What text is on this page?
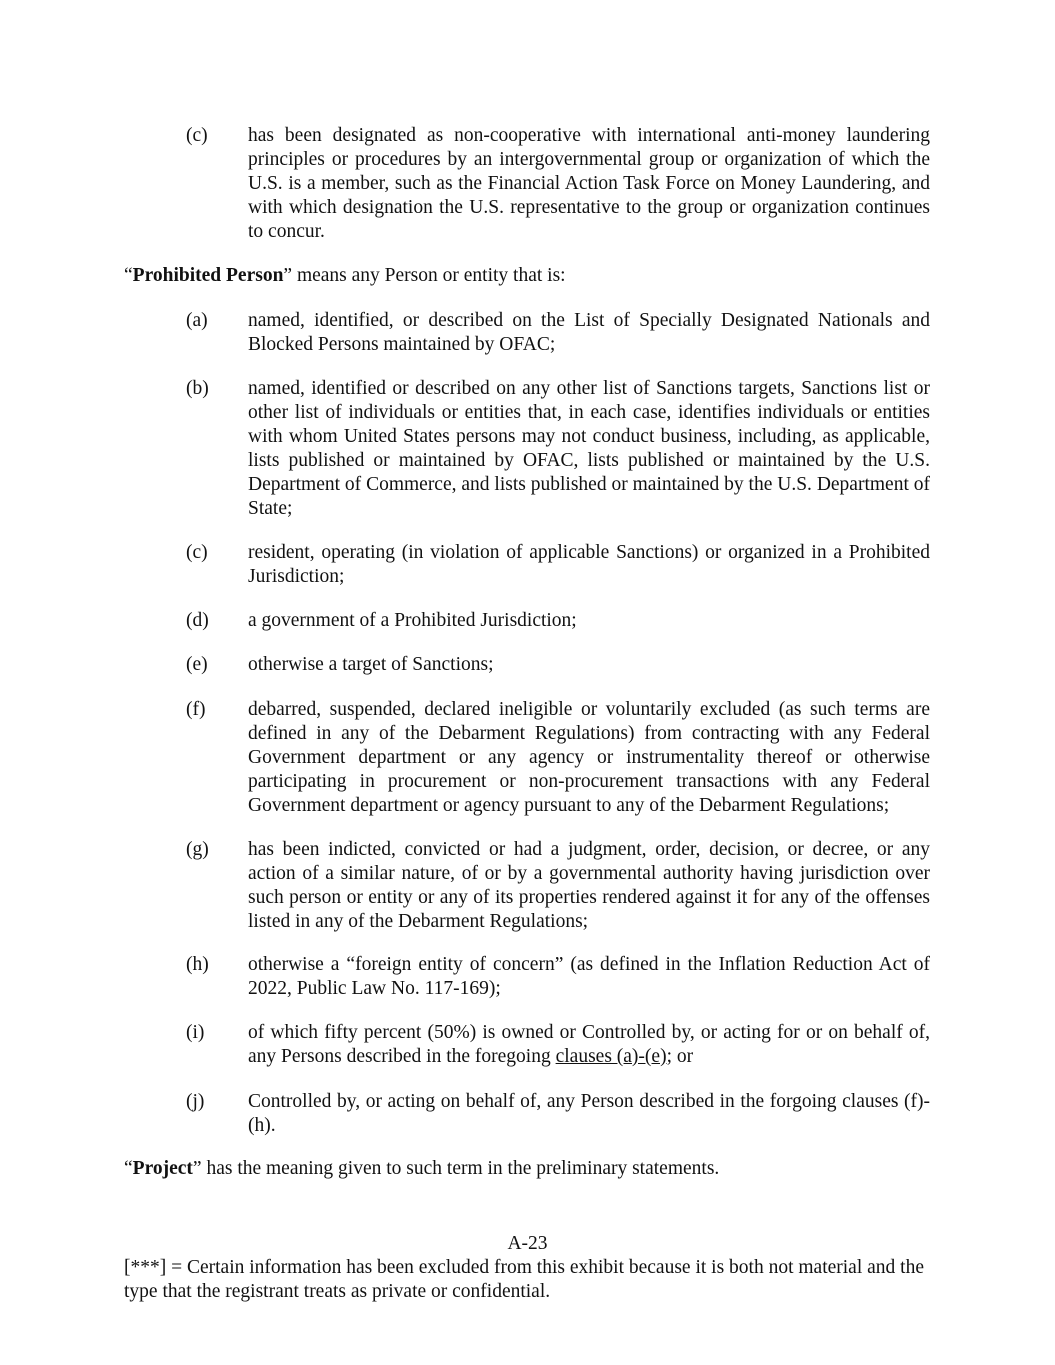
(c)	has been designated as non-cooperative with international anti-money laundering principles or procedures by an intergovernmental group or organization of which the U.S. is a member, such as the Financial Action Task Force on Money Laundering, and with which designation the U.S. representative to the group or organization continues to concur.
“Prohibited Person” means any Person or entity that is:
(a)	named, identified, or described on the List of Specially Designated Nationals and Blocked Persons maintained by OFAC;
(b)	named, identified or described on any other list of Sanctions targets, Sanctions list or other list of individuals or entities that, in each case, identifies individuals or entities with whom United States persons may not conduct business, including, as applicable, lists published or maintained by OFAC, lists published or maintained by the U.S. Department of Commerce, and lists published or maintained by the U.S. Department of State;
(c)	resident, operating (in violation of applicable Sanctions) or organized in a Prohibited Jurisdiction;
(d)	a government of a Prohibited Jurisdiction;
(e)	otherwise a target of Sanctions;
(f)	debarred, suspended, declared ineligible or voluntarily excluded (as such terms are defined in any of the Debarment Regulations) from contracting with any Federal Government department or any agency or instrumentality thereof or otherwise participating in procurement or non-procurement transactions with any Federal Government department or agency pursuant to any of the Debarment Regulations;
(g)	has been indicted, convicted or had a judgment, order, decision, or decree, or any action of a similar nature, of or by a governmental authority having jurisdiction over such person or entity or any of its properties rendered against it for any of the offenses listed in any of the Debarment Regulations;
(h)	otherwise a “foreign entity of concern” (as defined in the Inflation Reduction Act of 2022, Public Law No. 117-169);
(i)	of which fifty percent (50%) is owned or Controlled by, or acting for or on behalf of, any Persons described in the foregoing clauses (a)-(e); or
(j)	Controlled by, or acting on behalf of, any Person described in the forgoing clauses (f)-(h).
“Project” has the meaning given to such term in the preliminary statements.
A-23
[***] = Certain information has been excluded from this exhibit because it is both not material and the type that the registrant treats as private or confidential.
